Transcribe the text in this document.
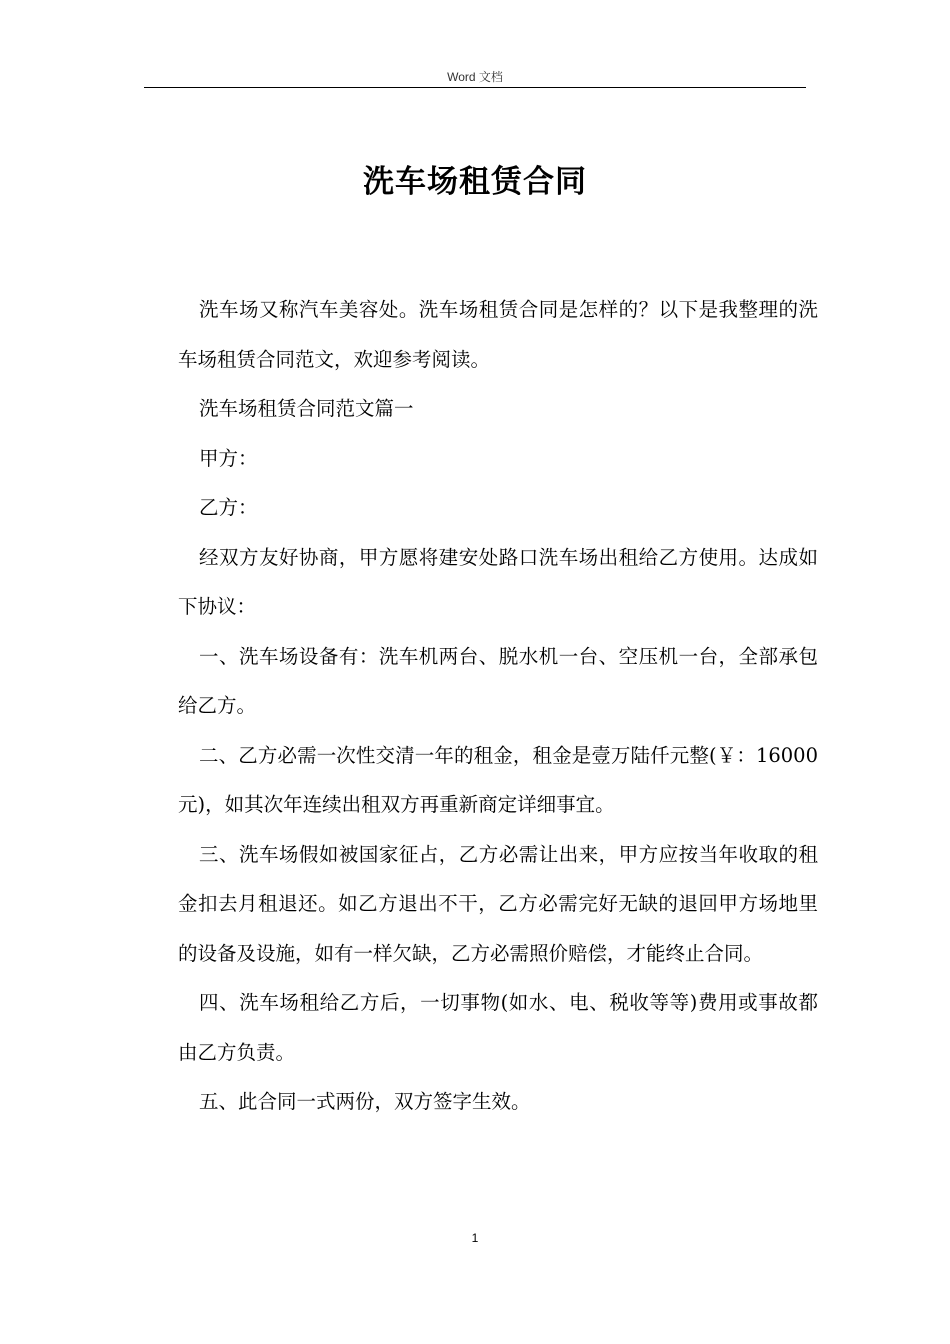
Word 文档
洗车场租赁合同

洗车场又称汽车美容处。洗车场租赁合同是怎样的？以下是我整理的洗车场租赁合同范文，欢迎参考阅读。

洗车场租赁合同范文篇一

甲方：

乙方：

经双方友好协商，甲方愿将建安处路口洗车场出租给乙方使用。达成如下协议：

一、洗车场设备有：洗车机两台、脱水机一台、空压机一台，全部承包给乙方。

二、乙方必需一次性交清一年的租金，租金是壹万陆仟元整(￥：16000 元)，如其次年连续出租双方再重新商定详细事宜。

三、洗车场假如被国家征占，乙方必需让出来，甲方应按当年收取的租金扣去月租退还。如乙方退出不干，乙方必需完好无缺的退回甲方场地里的设备及设施，如有一样欠缺，乙方必需照价赔偿，才能终止合同。

四、洗车场租给乙方后，一切事物(如水、电、税收等等)费用或事故都由乙方负责。

五、此合同一式两份，双方签字生效。

1
